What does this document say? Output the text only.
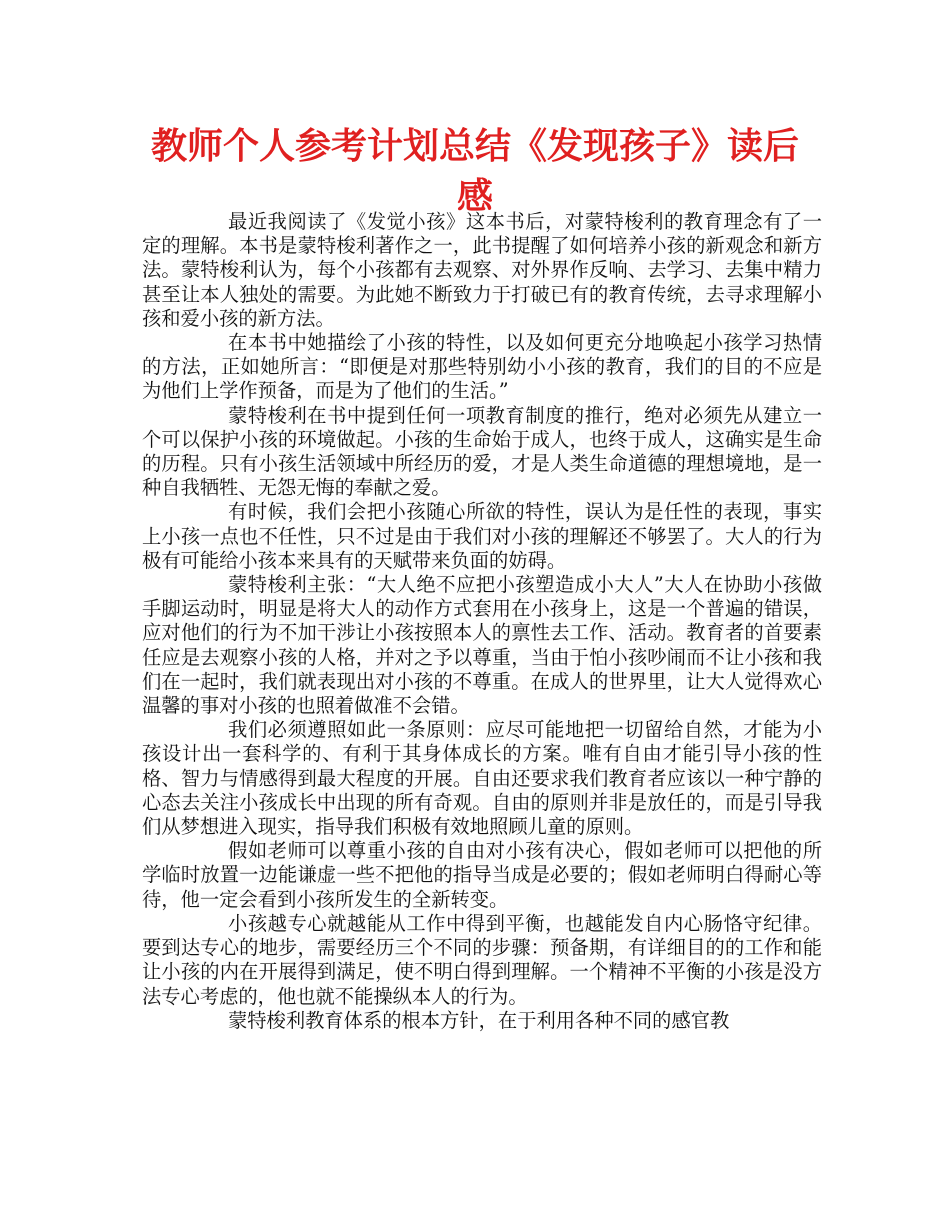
教师个人参考计划总结《发现孩子》读后感

最近我阅读了《发觉小孩》这本书后，对蒙特梭利的教育理念有了一定的理解。本书是蒙特梭利著作之一，此书提醒了如何培养小孩的新观念和新方法。蒙特梭利认为，每个小孩都有去观察、对外界作反响、去学习、去集中精力甚至让本人独处的需要。为此她不断致力于打破已有的教育传统，去寻求理解小孩和爱小孩的新方法。

在本书中她描绘了小孩的特性，以及如何更充分地唤起小孩学习热情的方法，正如她所言：“即便是对那些特别幼小小孩的教育，我们的目的不应是为他们上学作预备，而是为了他们的生活。”

蒙特梭利在书中提到任何一项教育制度的推行，绝对必须先从建立一个可以保护小孩的环境做起。小孩的生命始于成人，也终于成人，这确实是生命的历程。只有小孩生活领域中所经历的爱，才是人类生命道德的理想境地，是一种自我牺牲、无怨无悔的奉献之爱。

有时候，我们会把小孩随心所欲的特性，误认为是任性的表现，事实上小孩一点也不任性，只不过是由于我们对小孩的理解还不够罢了。大人的行为极有可能给小孩本来具有的天赋带来负面的妨碍。

蒙特梭利主张：“大人绝不应把小孩塑造成小大人”大人在协助小孩做手脚运动时，明显是将大人的动作方式套用在小孩身上，这是一个普遍的错误，应对他们的行为不加干涉让小孩按照本人的禀性去工作、活动。教育者的首要素任应是去观察小孩的人格，并对之予以尊重，当由于怕小孩吵闹而不让小孩和我们在一起时，我们就表现出对小孩的不尊重。在成人的世界里，让大人觉得欢心温馨的事对小孩的也照着做准不会错。

我们必须遵照如此一条原则：应尽可能地把一切留给自然，才能为小孩设计出一套科学的、有利于其身体成长的方案。唯有自由才能引导小孩的性格、智力与情感得到最大程度的开展。自由还要求我们教育者应该以一种宁静的心态去关注小孩成长中出现的所有奇观。自由的原则并非是放任的，而是引导我们从梦想进入现实，指导我们积极有效地照顾儿童的原则。

假如老师可以尊重小孩的自由对小孩有决心，假如老师可以把他的所学临时放置一边能谦虚一些不把他的指导当成是必要的；假如老师明白得耐心等待，他一定会看到小孩所发生的全新转变。

小孩越专心就越能从工作中得到平衡，也越能发自内心肠恪守纪律。要到达专心的地步，需要经历三个不同的步骤：预备期，有详细目的的工作和能让小孩的内在开展得到满足，使不明白得到理解。一个精神不平衡的小孩是没方法专心考虑的，他也就不能操纵本人的行为。

蒙特梭利教育体系的根本方针，在于利用各种不同的感官教
